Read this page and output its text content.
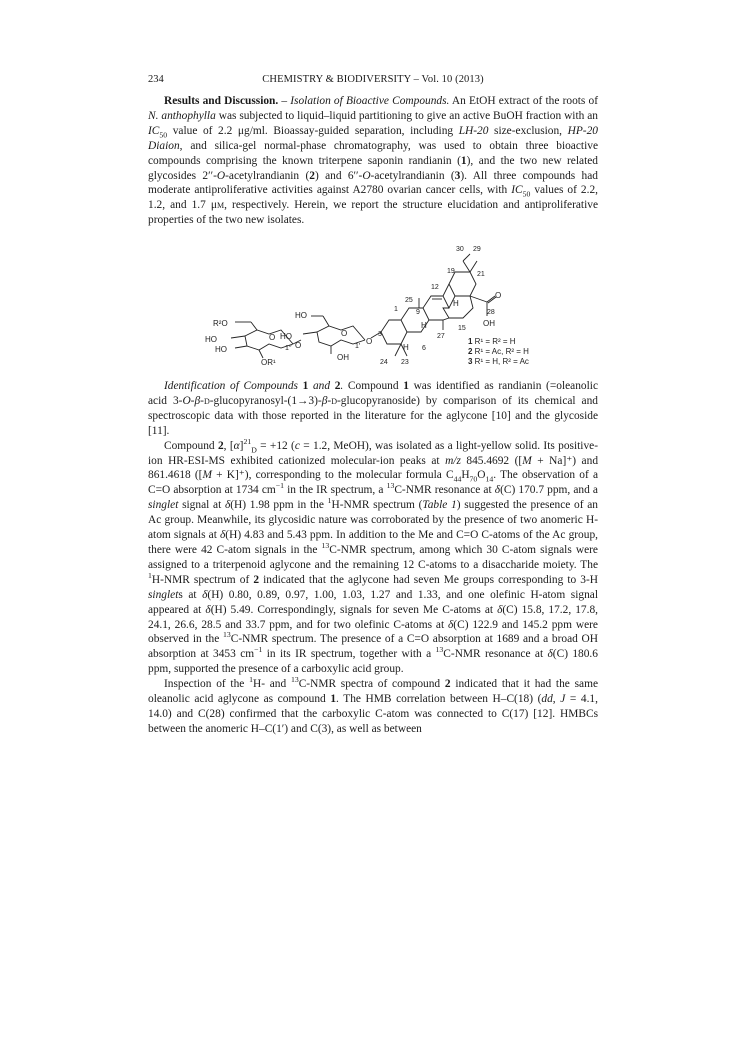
234	CHEMISTRY & BIODIVERSITY – Vol. 10 (2013)

Results and Discussion. – Isolation of Bioactive Compounds. An EtOH extract of the roots of N. anthophylla was subjected to liquid–liquid partitioning to give an active BuOH fraction with an $IC_{50}$ value of 2.2 μg/ml. Bioassay-guided separation, including LH-20 size-exclusion, HP-20 Diaion, and silica-gel normal-phase chromatography, was used to obtain three bioactive compounds comprising the known triterpene saponin randianin (1), and the two new related glycosides 2′′-O-acetylrandianin (2) and 6′′-O-acetylrandianin (3). All three compounds had moderate antiproliferative activities against A2780 ovarian cancer cells, with $IC_{50}$ values of 2.2, 1.2, and 1.7 μm, respectively. Herein, we report the structure elucidation and antiproliferative properties of the two new isolates.

30 29
19	21
12
25
1	9	28
15
27
3
6
24 23
1′
1′′
H
H
H
O
OH
O
O
HO
HO
OH
O
O
R²O
HO
HO
OR¹
1 R¹ = R² = H
2 R¹ = Ac, R² = H
3 R¹ = H, R² = Ac

Identification of Compounds 1 and 2. Compound 1 was identified as randianin (=oleanolic acid 3-O-β-d-glucopyranosyl-(1→3)-β-d-glucopyranoside) by comparison of its chemical and spectroscopic data with those reported in the literature for the aglycone [10] and the glycoside [11].

Compound 2, $[\alpha]^{21}_D = +12$ (c = 1.2, MeOH), was isolated as a light-yellow solid. Its positive-ion HR-ESI-MS exhibited cationized molecular-ion peaks at m/z 845.4692 ([M + Na]⁺) and 861.4618 ([M + K]⁺), corresponding to the molecular formula $C_{44}H_{70}O_{14}$. The observation of a C=O absorption at 1734 $cm^{-1}$ in the IR spectrum, a $^{13}$C-NMR resonance at δ(C) 170.7 ppm, and a singlet signal at δ(H) 1.98 ppm in the $^1$H-NMR spectrum (Table 1) suggested the presence of an Ac group. Meanwhile, its glycosidic nature was corroborated by the presence of two anomeric H-atom signals at δ(H) 4.83 and 5.43 ppm. In addition to the Me and C=O C-atoms of the Ac group, there were 42 C-atom signals in the $^{13}$C-NMR spectrum, among which 30 C-atom signals were assigned to a triterpenoid aglycone and the remaining 12 C-atoms to a disaccharide moiety. The $^1$H-NMR spectrum of 2 indicated that the aglycone had seven Me groups corresponding to 3-H singlets at δ(H) 0.80, 0.89, 0.97, 1.00, 1.03, 1.27 and 1.33, and one olefinic H-atom signal appeared at δ(H) 5.49. Correspondingly, signals for seven Me C-atoms at δ(C) 15.8, 17.2, 17.8, 24.1, 26.6, 28.5 and 33.7 ppm, and for two olefinic C-atoms at δ(C) 122.9 and 145.2 ppm were observed in the $^{13}$C-NMR spectrum. The presence of a C=O absorption at 1689 and a broad OH absorption at 3453 $cm^{-1}$ in its IR spectrum, together with a $^{13}$C-NMR resonance at δ(C) 180.6 ppm, supported the presence of a carboxylic acid group.

Inspection of the $^1$H- and $^{13}$C-NMR spectra of compound 2 indicated that it had the same oleanolic acid aglycone as compound 1. The HMB correlation between H–C(18) (dd, J = 4.1, 14.0) and C(28) confirmed that the carboxylic C-atom was connected to C(17) [12]. HMBCs between the anomeric H–C(1′) and C(3), as well as between
